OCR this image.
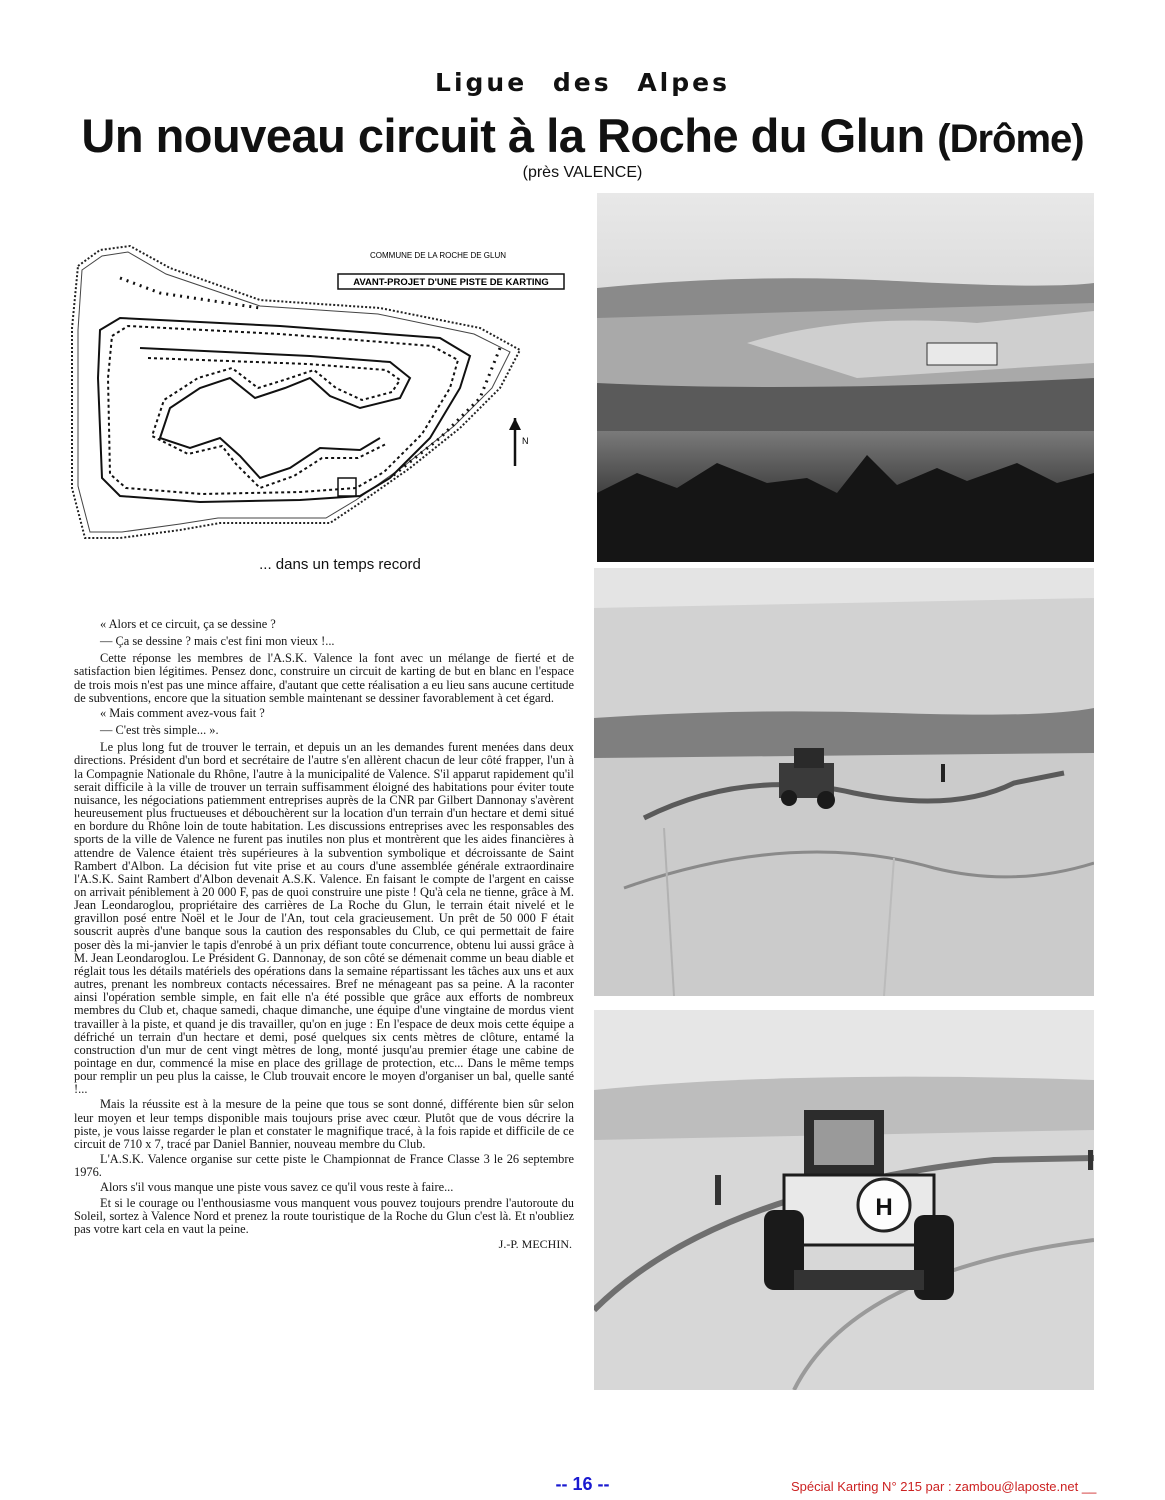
Ligue des Alpes
Un nouveau circuit à la Roche du Glun (Drôme)
(près VALENCE)
COMMUNE DE LA ROCHE DE GLUN
AVANT-PROJET D'UNE PISTE DE KARTING
N
... dans un temps record
H

« Alors et ce circuit, ça se dessine ?

— Ça se dessine ? mais c'est fini mon vieux !...

Cette réponse les membres de l'A.S.K. Valence la font avec un mélange de fierté et de satisfaction bien légitimes. Pensez donc, construire un circuit de karting de but en blanc en l'espace de trois mois n'est pas une mince affaire, d'autant que cette réalisation a eu lieu sans aucune certitude de subventions, encore que la situation semble maintenant se dessiner favorablement à cet égard.

« Mais comment avez-vous fait ?

— C'est très simple... ».

Le plus long fut de trouver le terrain, et depuis un an les demandes furent menées dans deux directions. Président d'un bord et secrétaire de l'autre s'en allèrent chacun de leur côté frapper, l'un à la Compagnie Nationale du Rhône, l'autre à la municipalité de Valence. S'il apparut rapidement qu'il serait difficile à la ville de trouver un terrain suffisamment éloigné des habitations pour éviter toute nuisance, les négociations patiemment entreprises auprès de la CNR par Gilbert Dannonay s'avèrent heureusement plus fructueuses et débouchèrent sur la location d'un terrain d'un hectare et demi situé en bordure du Rhône loin de toute habitation. Les discussions entreprises avec les responsables des sports de la ville de Valence ne furent pas inutiles non plus et montrèrent que les aides financières à attendre de Valence étaient très supérieures à la subvention symbolique et décroissante de Saint Rambert d'Albon. La décision fut vite prise et au cours d'une assemblée générale extraordinaire l'A.S.K. Saint Rambert d'Albon devenait A.S.K. Valence. En faisant le compte de l'argent en caisse on arrivait péniblement à 20 000 F, pas de quoi construire une piste ! Qu'à cela ne tienne, grâce à M. Jean Leondaroglou, propriétaire des carrières de La Roche du Glun, le terrain était nivelé et le gravillon posé entre Noël et le Jour de l'An, tout cela gracieusement. Un prêt de 50 000 F était souscrit auprès d'une banque sous la caution des responsables du Club, ce qui permettait de faire poser dès la mi-janvier le tapis d'enrobé à un prix défiant toute concurrence, obtenu lui aussi grâce à M. Jean Leondaroglou. Le Président G. Dannonay, de son côté se démenait comme un beau diable et réglait tous les détails matériels des opérations dans la semaine répartissant les tâches aux uns et aux autres, prenant les nombreux contacts nécessaires. Bref ne ménageant pas sa peine. A la raconter ainsi l'opération semble simple, en fait elle n'a été possible que grâce aux efforts de nombreux membres du Club et, chaque samedi, chaque dimanche, une équipe d'une vingtaine de mordus vient travailler à la piste, et quand je dis travailler, qu'on en juge : En l'espace de deux mois cette équipe a défriché un terrain d'un hectare et demi, posé quelques six cents mètres de clôture, entamé la construction d'un mur de cent vingt mètres de long, monté jusqu'au premier étage une cabine de pointage en dur, commencé la mise en place des grillage de protection, etc... Dans le même temps pour remplir un peu plus la caisse, le Club trouvait encore le moyen d'organiser un bal, quelle santé !...

Mais la réussite est à la mesure de la peine que tous se sont donné, différente bien sûr selon leur moyen et leur temps disponible mais toujours prise avec cœur. Plutôt que de vous décrire la piste, je vous laisse regarder le plan et constater le magnifique tracé, à la fois rapide et difficile de ce circuit de 710 x 7, tracé par Daniel Bannier, nouveau membre du Club.

L'A.S.K. Valence organise sur cette piste le Championnat de France Classe 3 le 26 septembre 1976.

Alors s'il vous manque une piste vous savez ce qu'il vous reste à faire...

Et si le courage ou l'enthousiasme vous manquent vous pouvez toujours prendre l'autoroute du Soleil, sortez à Valence Nord et prenez la route touristique de la Roche du Glun c'est là. Et n'oubliez pas votre kart cela en vaut la peine.

J.-P. MECHIN.
-- 16 --	Spécial Karting N° 215 par : zambou@laposte.net __
